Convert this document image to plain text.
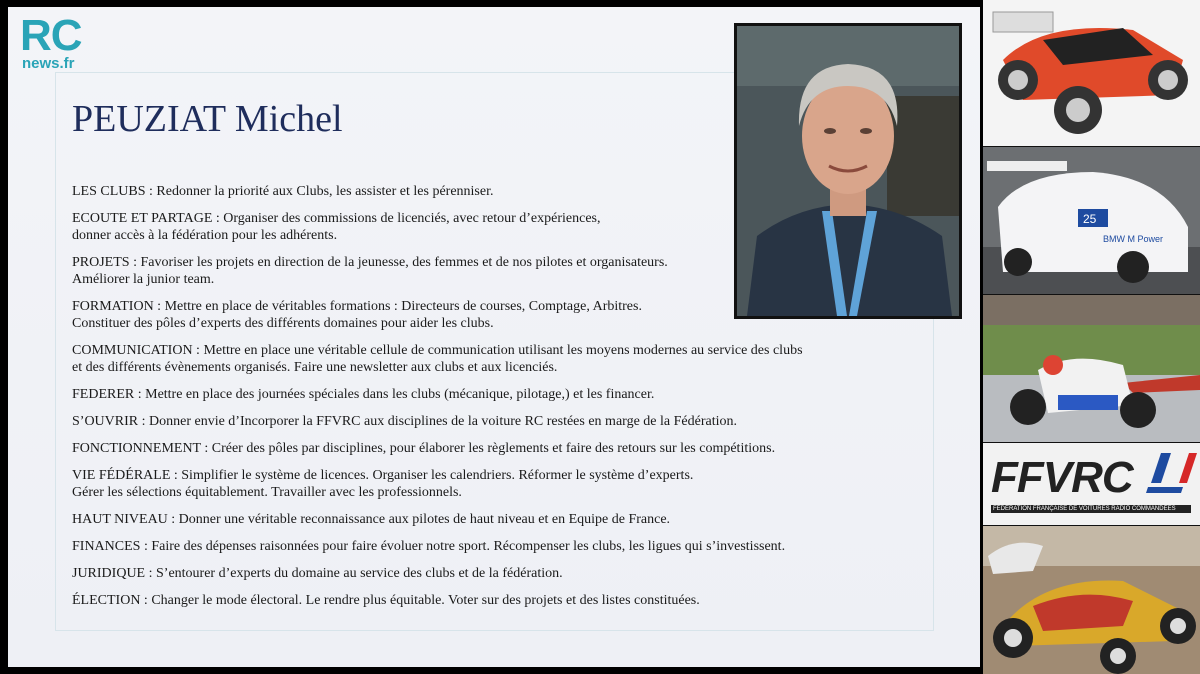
RC
news.fr
PEUZIAT Michel
LES CLUBS : Redonner la priorité aux Clubs, les assister et les pérenniser.
ECOUTE ET PARTAGE : Organiser des commissions de licenciés, avec retour d’expériences,
donner accès à la fédération pour les adhérents.
PROJETS : Favoriser les projets en direction de la jeunesse, des femmes et de nos pilotes et organisateurs.
Améliorer la junior team.
FORMATION : Mettre en place de véritables formations : Directeurs de courses, Comptage, Arbitres.
Constituer des pôles d’experts des différents domaines pour aider les clubs.
COMMUNICATION : Mettre en place une véritable cellule de communication utilisant les moyens modernes au service des clubs
et des différents évènements organisés. Faire une newsletter aux clubs et aux licenciés.
FEDERER : Mettre en place des journées spéciales dans les clubs (mécanique, pilotage,) et les financer.
S’OUVRIR : Donner envie d’Incorporer la FFVRC aux disciplines de la voiture RC restées en marge de la Fédération.
FONCTIONNEMENT : Créer des pôles par disciplines, pour élaborer les règlements et faire des retours sur les compétitions.
VIE FÉDÉRALE : Simplifier le système de licences. Organiser les calendriers. Réformer le système d’experts.
Gérer les sélections équitablement. Travailler avec les professionnels.
HAUT NIVEAU : Donner une véritable reconnaissance aux pilotes de haut niveau et en Equipe de France.
FINANCES : Faire des dépenses raisonnées pour faire évoluer notre sport. Récompenser les clubs, les ligues qui s’investissent.
JURIDIQUE : S’entourer d’experts du domaine au service des clubs et de la fédération.
ÉLECTION : Changer le mode électoral. Le rendre plus équitable. Voter sur des projets et des listes constituées.
25
BMW M Power
FFVRC
FÉDÉRATION FRANÇAISE DE VOITURES RADIO COMMANDÉES
